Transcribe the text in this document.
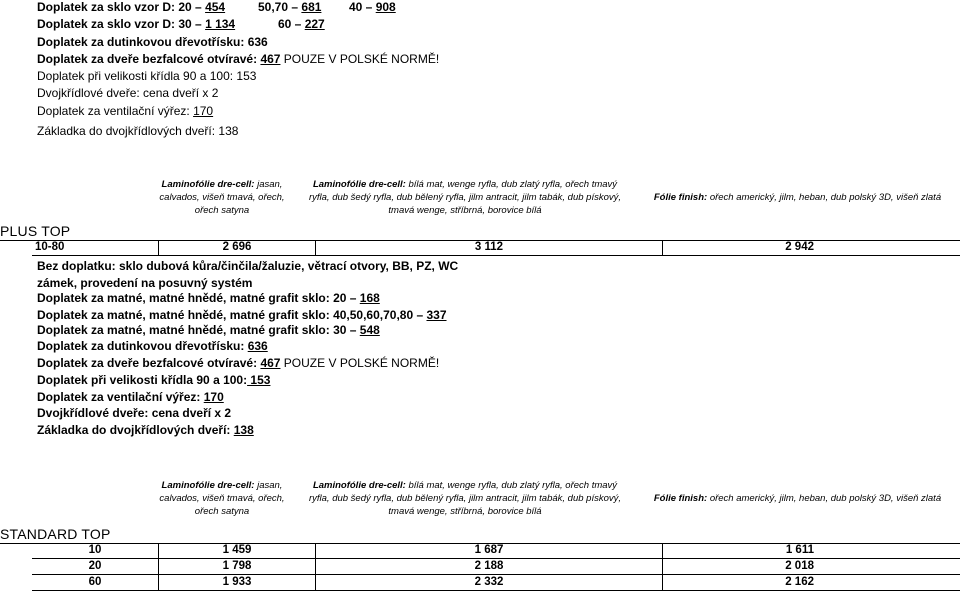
Doplatek za sklo vzor D: 20 – 454	50,70 – 681 40 – 908
Doplatek za sklo vzor D: 30 – 1 134	60 – 227
Doplatek za dutinkovou dřevotřísku: 636
Doplatek za dveře bezfalcové otvíravé: 467 POUZE V POLSKÉ NORMĚ!
Doplatek při velikosti křídla 90 a 100: 153
Dvojkřídlové dveře: cena dveří x 2
Doplatek za ventilační výřez: 170
Základka do dvojkřídlových dveří: 138
Laminofólie dre-cell: jasan,
calvados, višeň tmavá, ořech,
ořech satyna
Laminofólie dre-cell: bílá mat, wenge ryfla, dub zlatý ryfla, ořech tmavý
ryfla, dub šedý ryfla, dub bělený ryfla, jilm antracit, jilm tabák, dub pískový,
tmavá wenge, stříbrná, borovice bílá
Fólie finish: ořech americký, jilm, heban, dub polský 3D, višeň zlatá
PLUS TOP
10-80	2 696	3 112	2 942
Bez doplatku: sklo dubová kůra/činčila/žaluzie, větrací otvory, BB, PZ, WC
zámek, provedení na posuvný systém
Doplatek za matné, matné hnědé, matné grafit sklo: 20 – 168
Doplatek za matné, matné hnědé, matné grafit sklo: 40,50,60,70,80 – 337
Doplatek za matné, matné hnědé, matné grafit sklo: 30 – 548
Doplatek za dutinkovou dřevotřísku: 636
Doplatek za dveře bezfalcové otvíravé: 467 POUZE V POLSKÉ NORMĚ!
Doplatek při velikosti křídla 90 a 100: 153
Doplatek za ventilační výřez: 170
Dvojkřídlové dveře: cena dveří x 2
Základka do dvojkřídlových dveří: 138
Laminofólie dre-cell: jasan,
calvados, višeň tmavá, ořech,
ořech satyna
Laminofólie dre-cell: bílá mat, wenge ryfla, dub zlatý ryfla, ořech tmavý
ryfla, dub šedý ryfla, dub bělený ryfla, jilm antracit, jilm tabák, dub pískový,
tmavá wenge, stříbrná, borovice bílá
Fólie finish: ořech americký, jilm, heban, dub polský 3D, višeň zlatá
STANDARD TOP
10	1 459	1 687	1 611
20	1 798	2 188	2 018
60	1 933	2 332	2 162
